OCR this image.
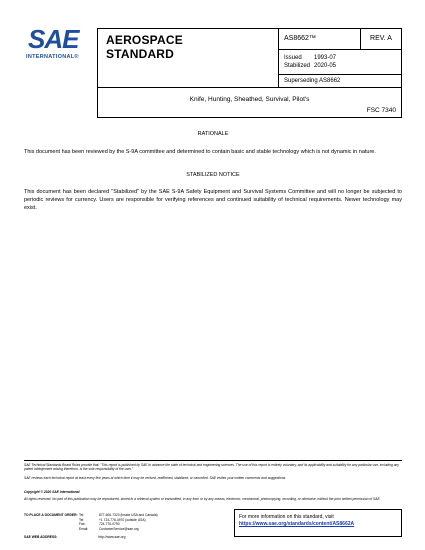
SAE
INTERNATIONAL®
AEROSPACE
STANDARD
AS8662™	REV. A
Issued	1993-07
Stabilized 2020-05
Superseding AS8662
Knife, Hunting, Sheathed, Survival, Pilot's
FSC 7340
RATIONALE
This document has been reviewed by the S-9A committee and determined to contain basic and stable technology which is not dynamic in nature.
STABILIZED NOTICE
This document has been declared "Stabilized" by the SAE S-9A Safety Equipment and Survival Systems Committee and will no longer be subjected to periodic reviews for currency. Users are responsible for verifying references and continued suitability of technical requirements. Newer technology may exist.
SAE Technical Standards Board Rules provide that: "This report is published by SAE to advance the state of technical and engineering sciences. The use of this report is entirely voluntary, and its applicability and suitability for any particular use, including any patent infringement arising therefrom, is the sole responsibility of the user."
SAE reviews each technical report at least every five years at which time it may be revised, reaffirmed, stabilized, or cancelled. SAE invites your written comments and suggestions.
Copyright © 2020 SAE International
All rights reserved. No part of this publication may be reproduced, stored in a retrieval system or transmitted, in any form or by any means, electronic, mechanical, photocopying, recording, or otherwise, without the prior written permission of SAE.
TO PLACE A DOCUMENT ORDER: Tel:	877-606-7323 (inside USA and Canada)
Tel:	+1 724-776-4970 (outside USA)
Fax:	724-776-0790
Email:	CustomerService@sae.org
SAE WEB ADDRESS:	http://www.sae.org
For more information on this standard, visit
https://www.sae.org/standards/content/AS8662A
